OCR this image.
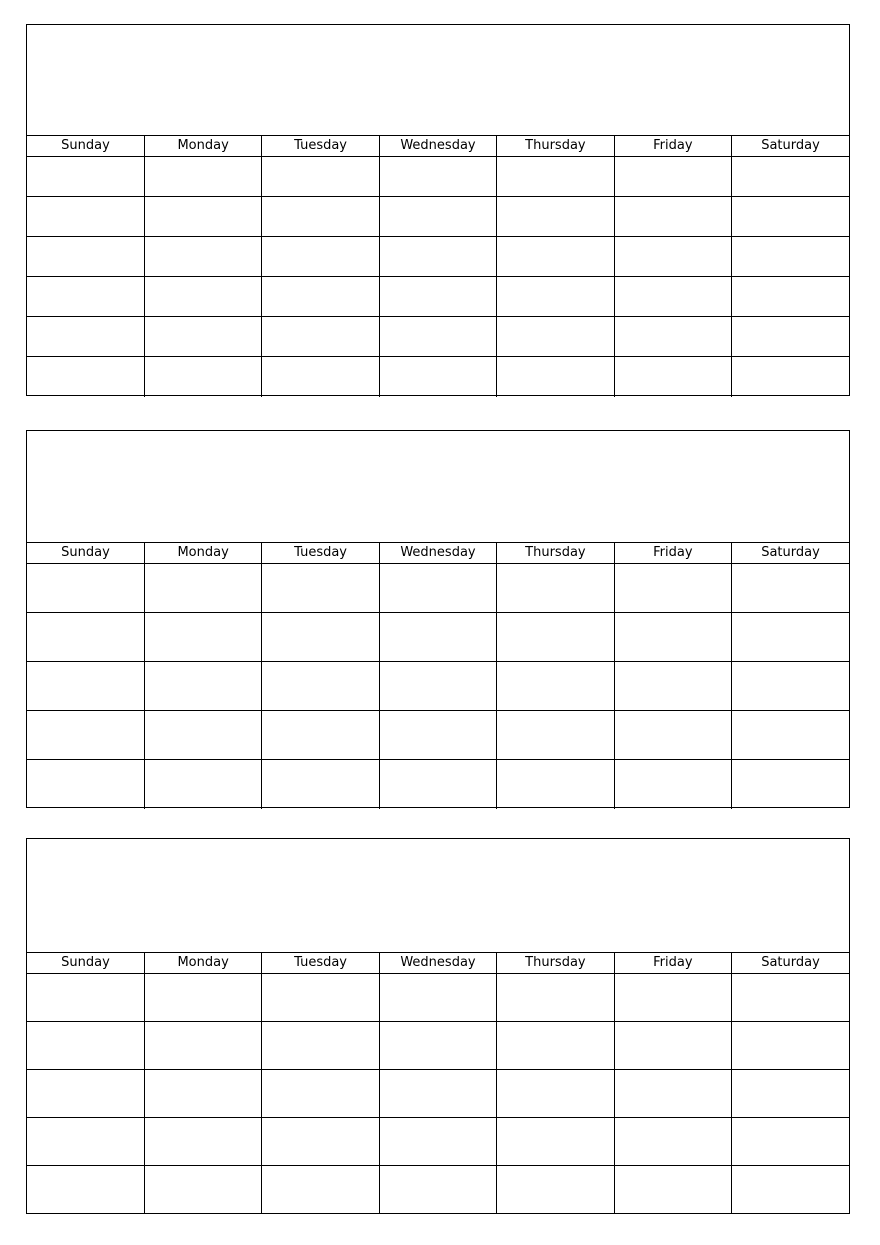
Sunday	Monday	Tuesday	Wednesday	Thursday	Friday	Saturday

Sunday	Monday	Tuesday	Wednesday	Thursday	Friday	Saturday

Sunday	Monday	Tuesday	Wednesday	Thursday	Friday	Saturday
